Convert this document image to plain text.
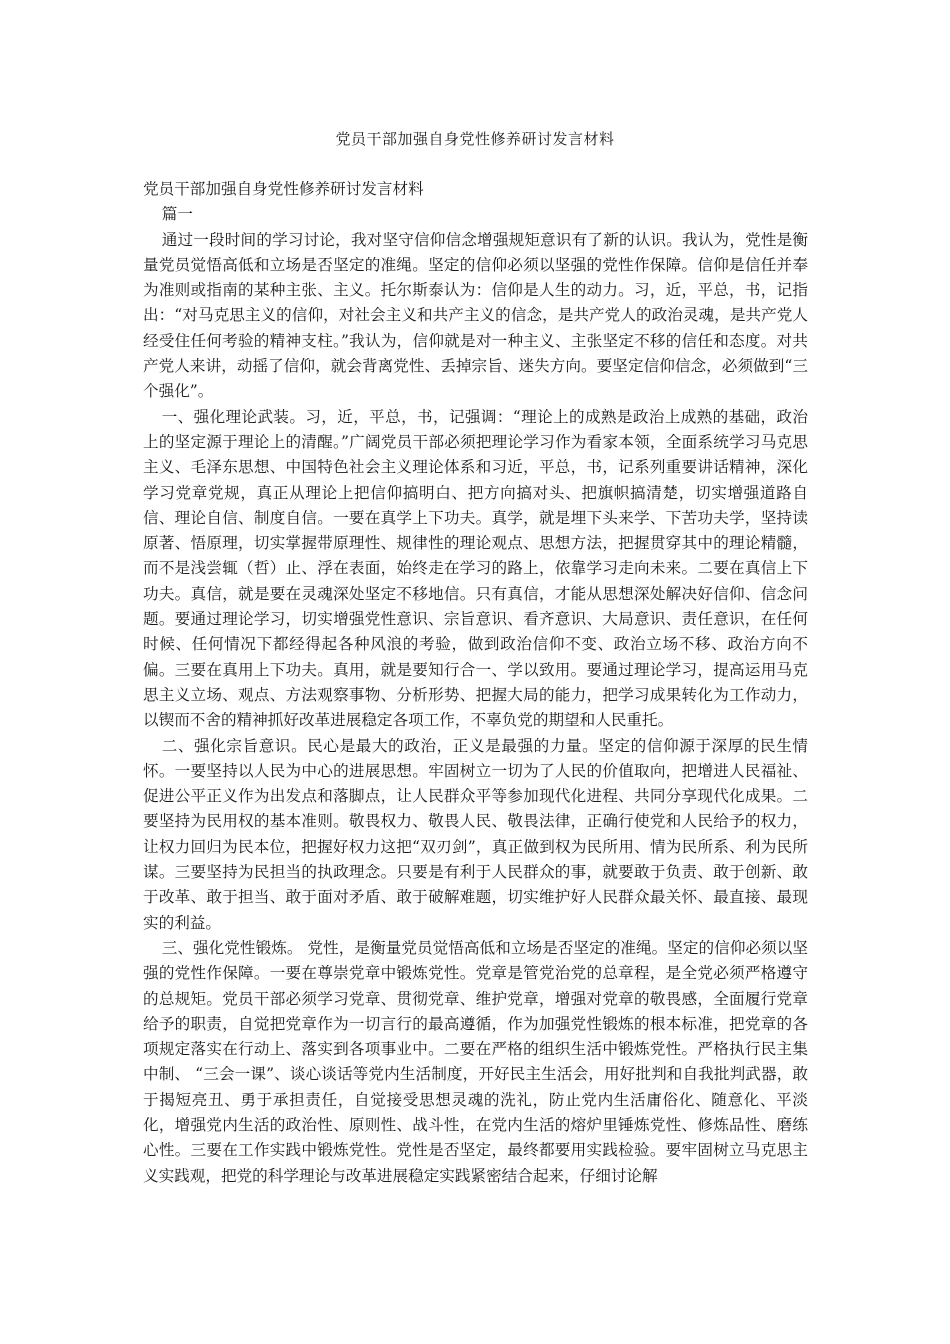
党员干部加强自身党性修养研讨发言材料

党员干部加强自身党性修养研讨发言材料

篇一

通过一段时间的学习讨论，我对坚守信仰信念增强规矩意识有了新的认识。我认为，党性是衡量党员觉悟高低和立场是否坚定的准绳。坚定的信仰必须以坚强的党性作保障。信仰是信任并奉为准则或指南的某种主张、主义。托尔斯泰认为：信仰是人生的动力。习，近，平总，书，记指出：“对马克思主义的信仰，对社会主义和共产主义的信念，是共产党人的政治灵魂，是共产党人经受住任何考验的精神支柱。”我认为，信仰就是对一种主义、主张坚定不移的信任和态度。对共产党人来讲，动摇了信仰，就会背离党性、丢掉宗旨、迷失方向。要坚定信仰信念，必须做到“三个强化”。

一、强化理论武装。习，近，平总，书，记强调：“理论上的成熟是政治上成熟的基础，政治上的坚定源于理论上的清醒。”广阔党员干部必须把理论学习作为看家本领，全面系统学习马克思主义、毛泽东思想、中国特色社会主义理论体系和习近，平总，书，记系列重要讲话精神，深化学习党章党规，真正从理论上把信仰搞明白、把方向搞对头、把旗帜搞清楚，切实增强道路自信、理论自信、制度自信。一要在真学上下功夫。真学，就是埋下头来学、下苦功夫学，坚持读原著、悟原理，切实掌握带原理性、规律性的理论观点、思想方法，把握贯穿其中的理论精髓，而不是浅尝辄（哲）止、浮在表面，始终走在学习的路上，依靠学习走向未来。二要在真信上下功夫。真信，就是要在灵魂深处坚定不移地信。只有真信，才能从思想深处解决好信仰、信念问题。要通过理论学习，切实增强党性意识、宗旨意识、看齐意识、大局意识、责任意识，在任何时候、任何情况下都经得起各种风浪的考验，做到政治信仰不变、政治立场不移、政治方向不偏。三要在真用上下功夫。真用，就是要知行合一、学以致用。要通过理论学习，提高运用马克思主义立场、观点、方法观察事物、分析形势、把握大局的能力，把学习成果转化为工作动力，以锲而不舍的精神抓好改革进展稳定各项工作，不辜负党的期望和人民重托。

二、强化宗旨意识。民心是最大的政治，正义是最强的力量。坚定的信仰源于深厚的民生情怀。一要坚持以人民为中心的进展思想。牢固树立一切为了人民的价值取向，把增进人民福祉、促进公平正义作为出发点和落脚点，让人民群众平等参加现代化进程、共同分享现代化成果。二要坚持为民用权的基本准则。敬畏权力、敬畏人民、敬畏法律，正确行使党和人民给予的权力，让权力回归为民本位，把握好权力这把“双刃剑”，真正做到权为民所用、情为民所系、利为民所谋。三要坚持为民担当的执政理念。只要是有利于人民群众的事，就要敢于负责、敢于创新、敢于改革、敢于担当、敢于面对矛盾、敢于破解难题，切实维护好人民群众最关怀、最直接、最现实的利益。

三、强化党性锻炼。 党性，是衡量党员觉悟高低和立场是否坚定的准绳。坚定的信仰必须以坚强的党性作保障。一要在尊崇党章中锻炼党性。党章是管党治党的总章程，是全党必须严格遵守的总规矩。党员干部必须学习党章、贯彻党章、维护党章，增强对党章的敬畏感，全面履行党章给予的职责，自觉把党章作为一切言行的最高遵循，作为加强党性锻炼的根本标准，把党章的各项规定落实在行动上、落实到各项事业中。二要在严格的组织生活中锻炼党性。严格执行民主集中制、 “三会一课”、谈心谈话等党内生活制度，开好民主生活会，用好批判和自我批判武器，敢于揭短亮丑、勇于承担责任，自觉接受思想灵魂的洗礼，防止党内生活庸俗化、随意化、平淡化，增强党内生活的政治性、原则性、战斗性，在党内生活的熔炉里锤炼党性、修炼品性、磨练心性。三要在工作实践中锻炼党性。党性是否坚定，最终都要用实践检验。要牢固树立马克思主义实践观，把党的科学理论与改革进展稳定实践紧密结合起来，仔细讨论解
